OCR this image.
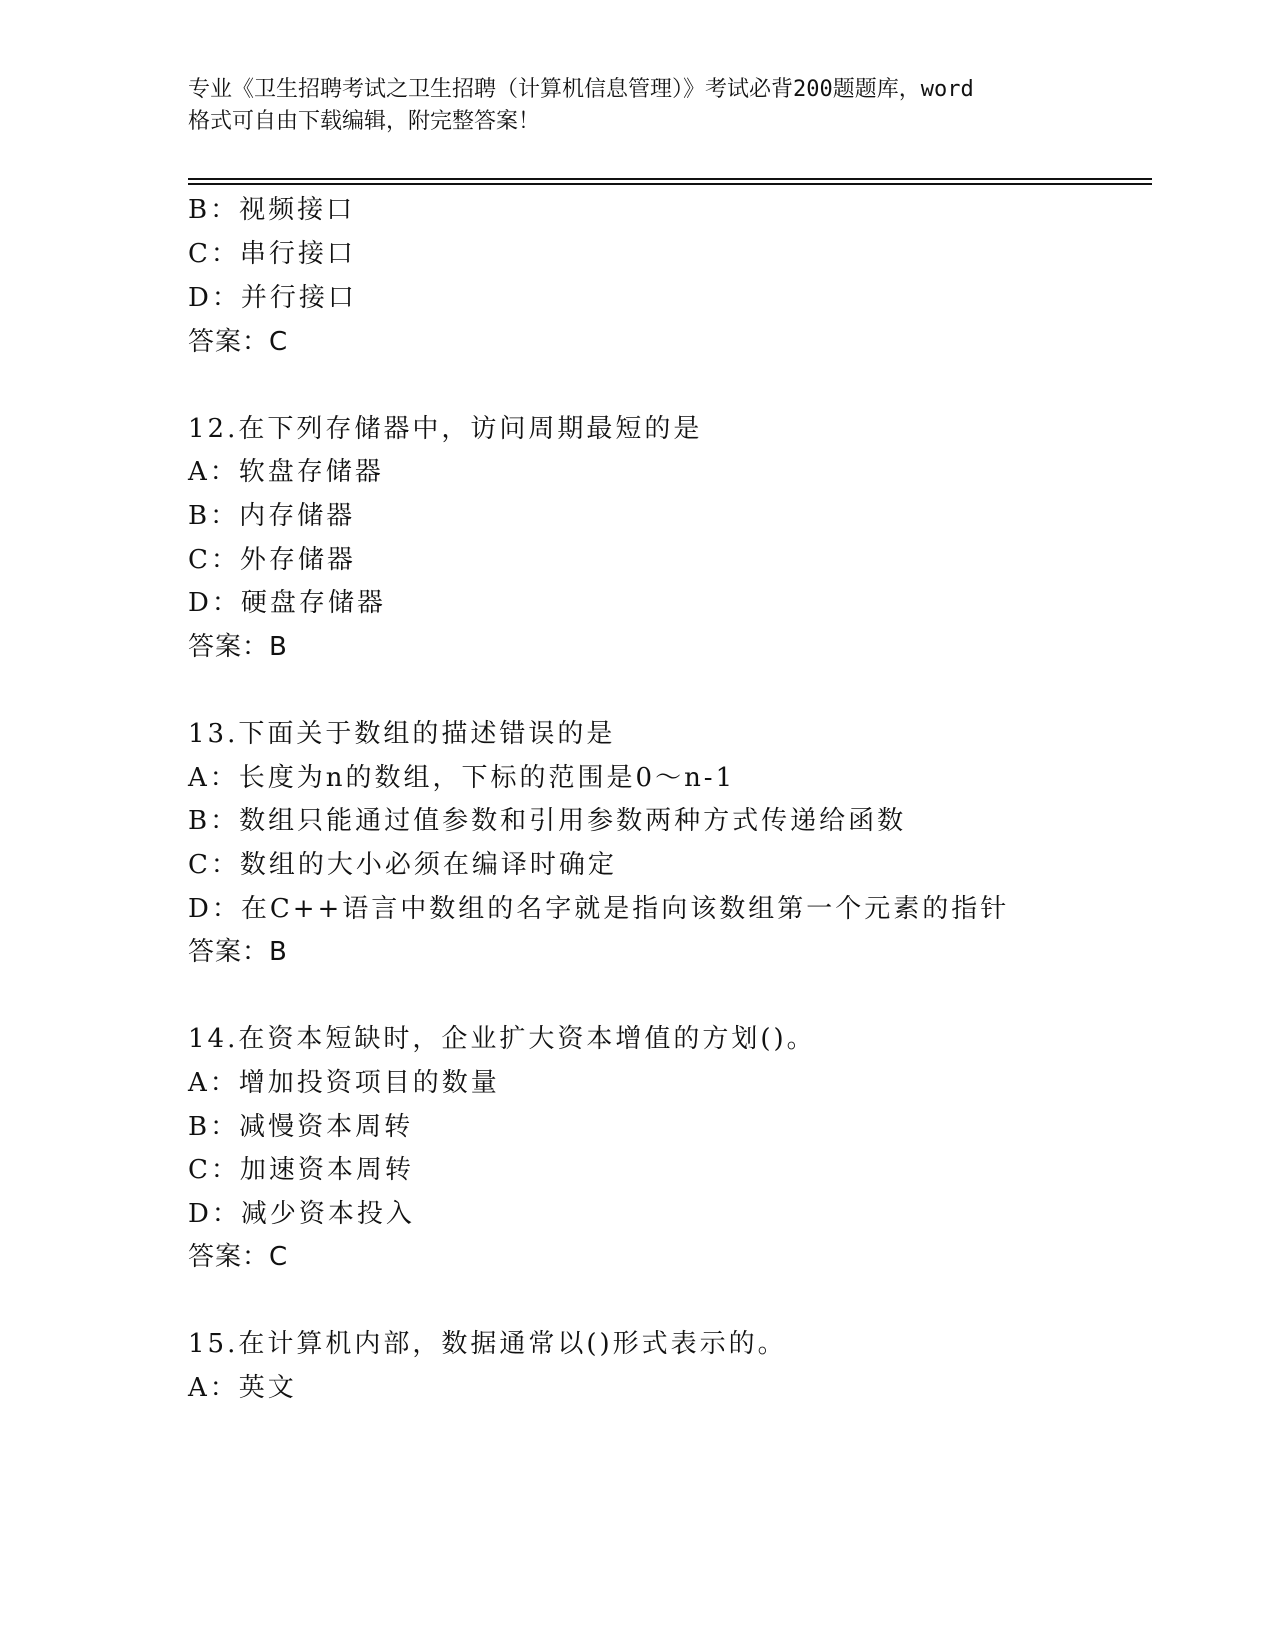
专业《卫生招聘考试之卫生招聘（计算机信息管理）》考试必背200题题库，word
格式可自由下载编辑，附完整答案！
B：视频接口
C：串行接口
D：并行接口
答案：C
12.在下列存储器中，访问周期最短的是
A：软盘存储器
B：内存储器
C：外存储器
D：硬盘存储器
答案：B
13.下面关于数组的描述错误的是
A：长度为n的数组，下标的范围是0～n-1
B：数组只能通过值参数和引用参数两种方式传递给函数
C：数组的大小必须在编译时确定
D：在C++语言中数组的名字就是指向该数组第一个元素的指针
答案：B
14.在资本短缺时，企业扩大资本增值的方划()。
A：增加投资项目的数量
B：减慢资本周转
C：加速资本周转
D：减少资本投入
答案：C
15.在计算机内部，数据通常以()形式表示的。
A：英文
